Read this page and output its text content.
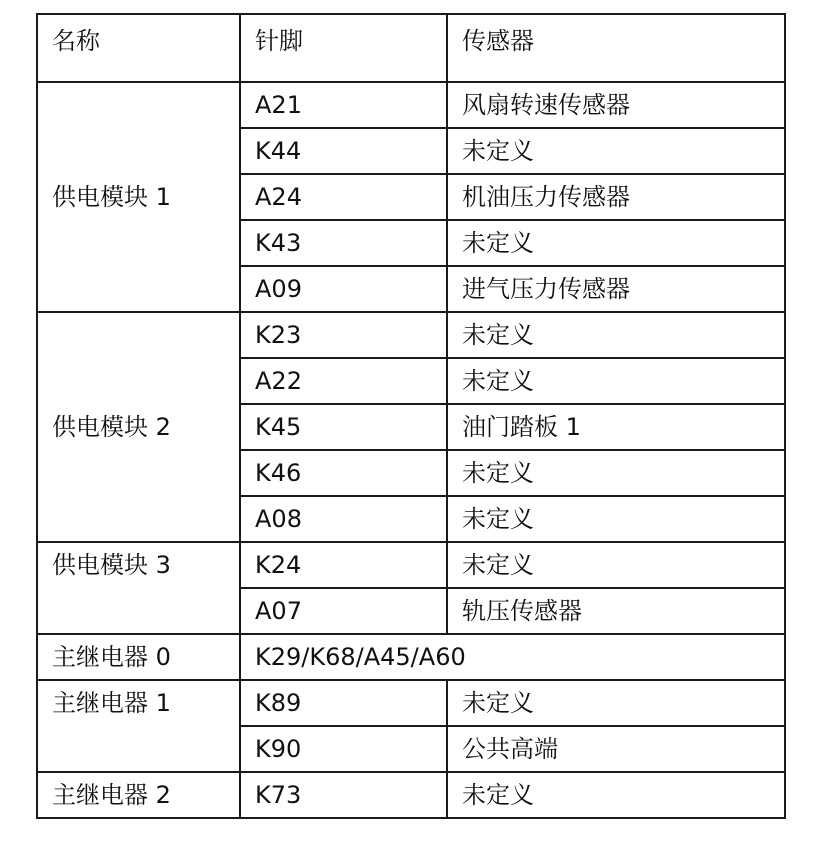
名称	针脚	传感器
供电模块 1	A21	风扇转速传感器
	K44	未定义
	A24	机油压力传感器
	K43	未定义
	A09	进气压力传感器
供电模块 2	K23	未定义
	A22	未定义
	K45	油门踏板 1
	K46	未定义
	A08	未定义
供电模块 3	K24	未定义
	A07	轨压传感器
主继电器 0	K29/K68/A45/A60	
主继电器 1	K89	未定义
	K90	公共高端
主继电器 2	K73	未定义
